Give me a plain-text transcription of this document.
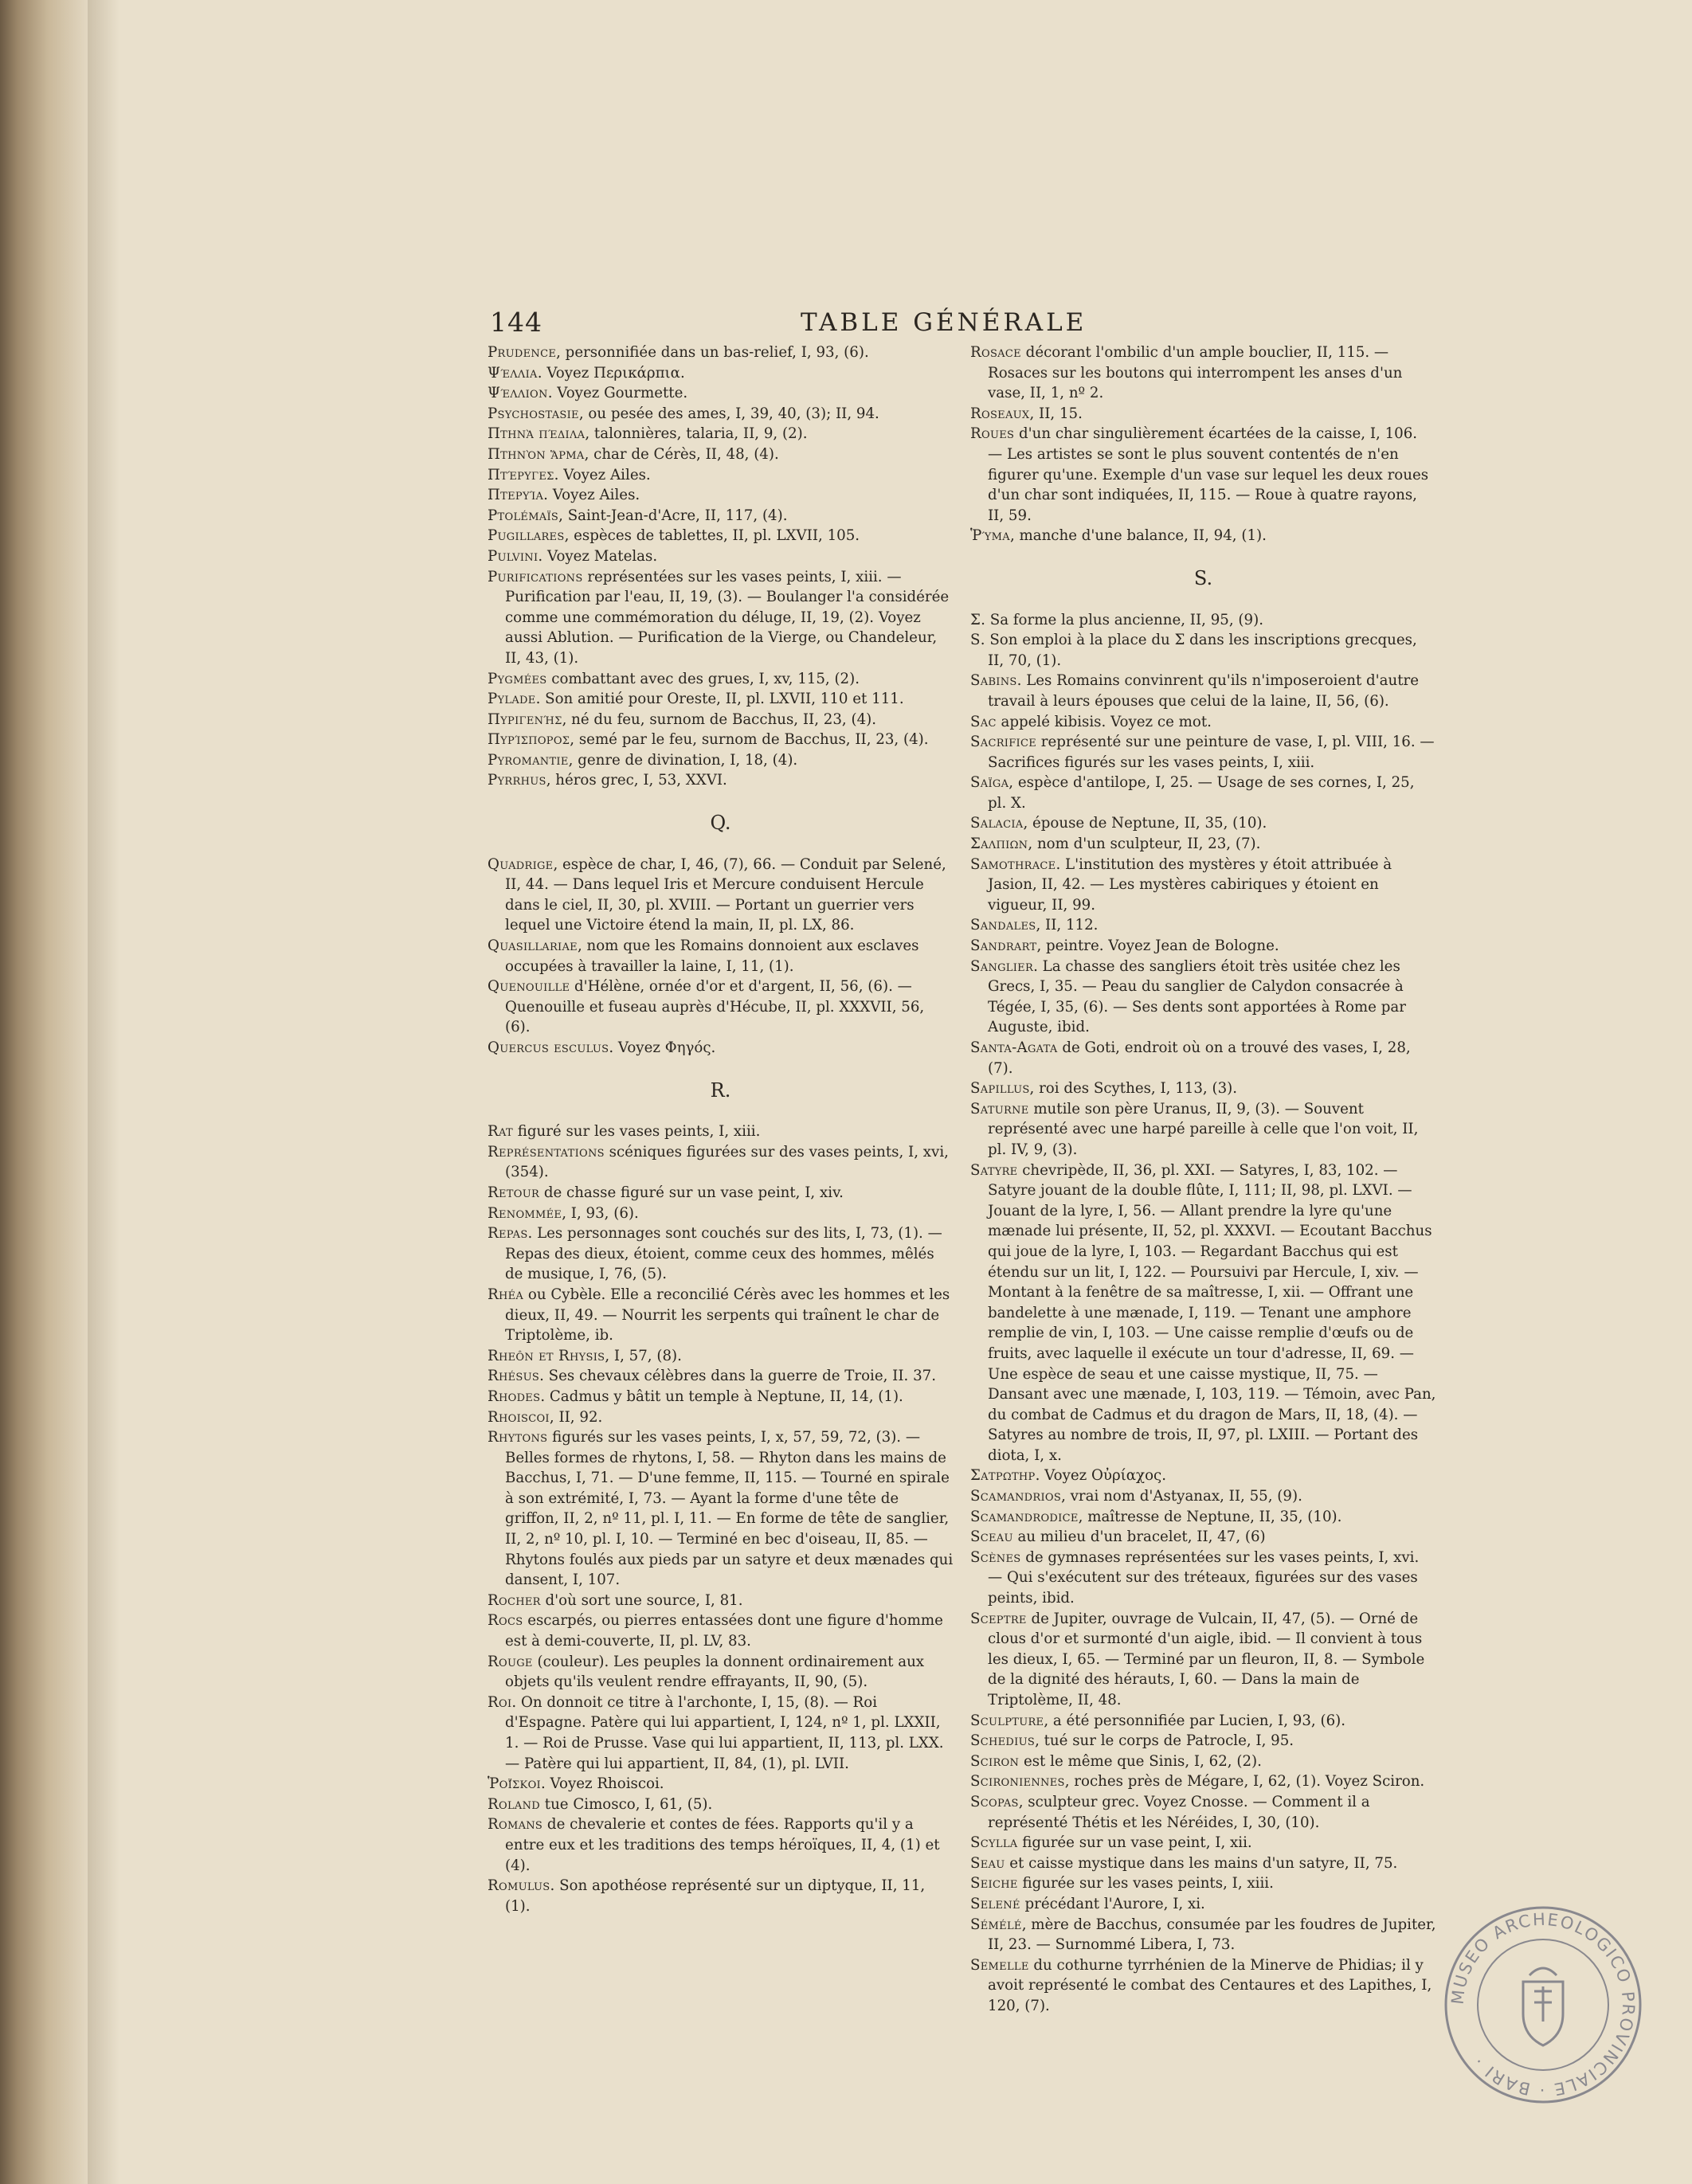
144	TABLE GÉNÉRALE

Prudence, personnifiée dans un bas-relief, I, 93, (6).

Ψέλλια. Voyez Περικάρπια.

Ψέλλιον. Voyez Gourmette.

Psychostasie, ou pesée des ames, I, 39, 40, (3); II, 94.

Πτηνὰ πέδιλα, talonnières, talaria, II, 9, (2).

Πτηνὸν ἅρμα, char de Cérès, II, 48, (4).

Πτέρυγες. Voyez Ailes.

Πτερυία. Voyez Ailes.

Ptolémaïs, Saint-Jean-d'Acre, II, 117, (4).

Pugillares, espèces de tablettes, II, pl. LXVII, 105.

Pulvini. Voyez Matelas.

Purifications représentées sur les vases peints, I, xiii. — Purification par l'eau, II, 19, (3). — Boulanger l'a considérée comme une commémoration du déluge, II, 19, (2). Voyez aussi Ablution. — Purification de la Vierge, ou Chandeleur, II, 43, (1).

Pygmées combattant avec des grues, I, xv, 115, (2).

Pylade. Son amitié pour Oreste, II, pl. LXVII, 110 et 111.

Πυριγενής, né du feu, surnom de Bacchus, II, 23, (4).

Πυρίσπορος, semé par le feu, surnom de Bacchus, II, 23, (4).

Pyromantie, genre de divination, I, 18, (4).

Pyrrhus, héros grec, I, 53, XXVI.

Q.

Quadrige, espèce de char, I, 46, (7), 66. — Conduit par Selené, II, 44. — Dans lequel Iris et Mercure conduisent Hercule dans le ciel, II, 30, pl. XVIII. — Portant un guerrier vers lequel une Victoire étend la main, II, pl. LX, 86.

Quasillariae, nom que les Romains donnoient aux esclaves occupées à travailler la laine, I, 11, (1).

Quenouille d'Hélène, ornée d'or et d'argent, II, 56, (6). — Quenouille et fuseau auprès d'Hécube, II, pl. XXXVII, 56, (6).

Quercus esculus. Voyez Φηγός.

R.

Rat figuré sur les vases peints, I, xiii.

Représentations scéniques figurées sur des vases peints, I, xvi, (354).

Retour de chasse figuré sur un vase peint, I, xiv.

Renommée, I, 93, (6).

Repas. Les personnages sont couchés sur des lits, I, 73, (1). — Repas des dieux, étoient, comme ceux des hommes, mêlés de musique, I, 76, (5).

Rhéa ou Cybèle. Elle a reconcilié Cérès avec les hommes et les dieux, II, 49. — Nourrit les serpents qui traînent le char de Triptolème, ib.

Rheôn et Rhysis, I, 57, (8).

Rhésus. Ses chevaux célèbres dans la guerre de Troie, II. 37.

Rhodes. Cadmus y bâtit un temple à Neptune, II, 14, (1).

Rhoiscoi, II, 92.

Rhytons figurés sur les vases peints, I, x, 57, 59, 72, (3). — Belles formes de rhytons, I, 58. — Rhyton dans les mains de Bacchus, I, 71. — D'une femme, II, 115. — Tourné en spirale à son extrémité, I, 73. — Ayant la forme d'une tête de griffon, II, 2, nº 11, pl. I, 11. — En forme de tête de sanglier, II, 2, nº 10, pl. I, 10. — Terminé en bec d'oiseau, II, 85. — Rhytons foulés aux pieds par un satyre et deux mænades qui dansent, I, 107.

Rocher d'où sort une source, I, 81.

Rocs escarpés, ou pierres entassées dont une figure d'homme est à demi-couverte, II, pl. LV, 83.

Rouge (couleur). Les peuples la donnent ordinairement aux objets qu'ils veulent rendre effrayants, II, 90, (5).

Roi. On donnoit ce titre à l'archonte, I, 15, (8). — Roi d'Espagne. Patère qui lui appartient, I, 124, nº 1, pl. LXXII, 1. — Roi de Prusse. Vase qui lui appartient, II, 113, pl. LXX. — Patère qui lui appartient, II, 84, (1), pl. LVII.

Ῥοΐσκοι. Voyez Rhoiscoi.

Roland tue Cimosco, I, 61, (5).

Romans de chevalerie et contes de fées. Rapports qu'il y a entre eux et les traditions des temps héroïques, II, 4, (1) et (4).

Romulus. Son apothéose représenté sur un diptyque, II, 11, (1).

Rosace décorant l'ombilic d'un ample bouclier, II, 115. — Rosaces sur les boutons qui interrompent les anses d'un vase, II, 1, nº 2.

Roseaux, II, 15.

Roues d'un char singulièrement écartées de la caisse, I, 106. — Les artistes se sont le plus souvent contentés de n'en figurer qu'une. Exemple d'un vase sur lequel les deux roues d'un char sont indiquées, II, 115. — Roue à quatre rayons, II, 59.

Ῥύμα, manche d'une balance, II, 94, (1).

S.

Σ. Sa forme la plus ancienne, II, 95, (9).

S. Son emploi à la place du Σ dans les inscriptions grecques, II, 70, (1).

Sabins. Les Romains convinrent qu'ils n'imposeroient d'autre travail à leurs épouses que celui de la laine, II, 56, (6).

Sac appelé kibisis. Voyez ce mot.

Sacrifice représenté sur une peinture de vase, I, pl. VIII, 16. — Sacrifices figurés sur les vases peints, I, xiii.

Saïga, espèce d'antilope, I, 25. — Usage de ses cornes, I, 25, pl. X.

Salacia, épouse de Neptune, II, 35, (10).

Σαλπιων, nom d'un sculpteur, II, 23, (7).

Samothrace. L'institution des mystères y étoit attribuée à Jasion, II, 42. — Les mystères cabiriques y étoient en vigueur, II, 99.

Sandales, II, 112.

Sandrart, peintre. Voyez Jean de Bologne.

Sanglier. La chasse des sangliers étoit très usitée chez les Grecs, I, 35. — Peau du sanglier de Calydon consacrée à Tégée, I, 35, (6). — Ses dents sont apportées à Rome par Auguste, ibid.

Santa-Agata de Goti, endroit où on a trouvé des vases, I, 28, (7).

Sapillus, roi des Scythes, I, 113, (3).

Saturne mutile son père Uranus, II, 9, (3). — Souvent représenté avec une harpé pareille à celle que l'on voit, II, pl. IV, 9, (3).

Satyre chevripède, II, 36, pl. XXI. — Satyres, I, 83, 102. — Satyre jouant de la double flûte, I, 111; II, 98, pl. LXVI. — Jouant de la lyre, I, 56. — Allant prendre la lyre qu'une mænade lui présente, II, 52, pl. XXXVI. — Ecoutant Bacchus qui joue de la lyre, I, 103. — Regardant Bacchus qui est étendu sur un lit, I, 122. — Poursuivi par Hercule, I, xiv. — Montant à la fenêtre de sa maîtresse, I, xii. — Offrant une bandelette à une mænade, I, 119. — Tenant une amphore remplie de vin, I, 103. — Une caisse remplie d'œufs ou de fruits, avec laquelle il exécute un tour d'adresse, II, 69. — Une espèce de seau et une caisse mystique, II, 75. — Dansant avec une mænade, I, 103, 119. — Témoin, avec Pan, du combat de Cadmus et du dragon de Mars, II, 18, (4). — Satyres au nombre de trois, II, 97, pl. LXIII. — Portant des diota, I, x.

Σατρωτηρ. Voyez Οὐρίαχος.

Scamandrios, vrai nom d'Astyanax, II, 55, (9).

Scamandrodice, maîtresse de Neptune, II, 35, (10).

Sceau au milieu d'un bracelet, II, 47, (6)

Scènes de gymnases représentées sur les vases peints, I, xvi. — Qui s'exécutent sur des tréteaux, figurées sur des vases peints, ibid.

Sceptre de Jupiter, ouvrage de Vulcain, II, 47, (5). — Orné de clous d'or et surmonté d'un aigle, ibid. — Il convient à tous les dieux, I, 65. — Terminé par un fleuron, II, 8. — Symbole de la dignité des hérauts, I, 60. — Dans la main de Triptolème, II, 48.

Sculpture, a été personnifiée par Lucien, I, 93, (6).

Schedius, tué sur le corps de Patrocle, I, 95.

Sciron est le même que Sinis, I, 62, (2).

Scironiennes, roches près de Mégare, I, 62, (1). Voyez Sciron.

Scopas, sculpteur grec. Voyez Cnosse. — Comment il a représenté Thétis et les Néréides, I, 30, (10).

Scylla figurée sur un vase peint, I, xii.

Seau et caisse mystique dans les mains d'un satyre, II, 75.

Seiche figurée sur les vases peints, I, xiii.

Selené précédant l'Aurore, I, xi.

Sémélé, mère de Bacchus, consumée par les foudres de Jupiter, II, 23. — Surnommé Libera, I, 73.

Semelle du cothurne tyrrhénien de la Minerve de Phidias; il y avoit représenté le combat des Centaures et des Lapithes, I, 120, (7).

MUSEO ARCHEOLOGICO PROVINCIALE · BARI ·
